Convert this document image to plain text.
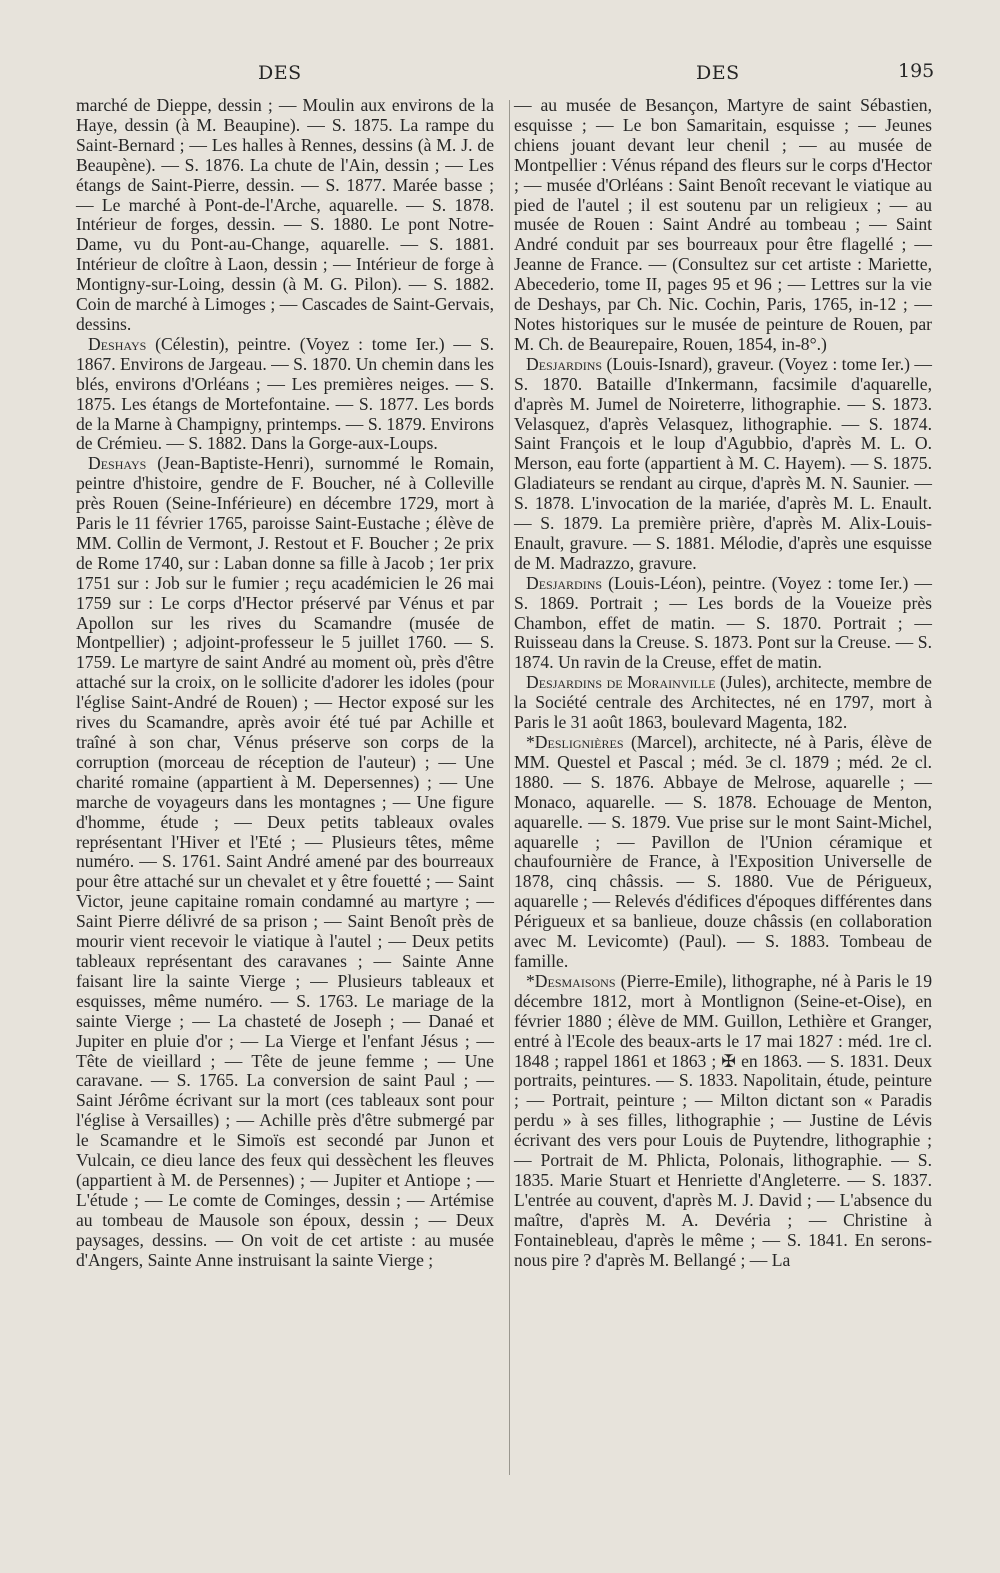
DES	DES	195

marché de Dieppe, dessin ; — Moulin aux environs de la Haye, dessin (à M. Beaupine). — S. 1875. La rampe du Saint-Bernard ; — Les halles à Rennes, dessins (à M. J. de Beaupène). — S. 1876. La chute de l'Ain, dessin ; — Les étangs de Saint-Pierre, dessin. — S. 1877. Marée basse ; — Le marché à Pont-de-l'Arche, aquarelle. — S. 1878. Intérieur de forges, dessin. — S. 1880. Le pont Notre-Dame, vu du Pont-au-Change, aquarelle. — S. 1881. Intérieur de cloître à Laon, dessin ; — Intérieur de forge à Montigny-sur-Loing, dessin (à M. G. Pilon). — S. 1882. Coin de marché à Limoges ; — Cascades de Saint-Gervais, dessins.

Deshays (Célestin), peintre. (Voyez : tome Ier.) — S. 1867. Environs de Jargeau. — S. 1870. Un chemin dans les blés, environs d'Orléans ; — Les premières neiges. — S. 1875. Les étangs de Mortefontaine. — S. 1877. Les bords de la Marne à Champigny, printemps. — S. 1879. Environs de Crémieu. — S. 1882. Dans la Gorge-aux-Loups.

Deshays (Jean-Baptiste-Henri), surnommé le Romain, peintre d'histoire, gendre de F. Boucher, né à Colleville près Rouen (Seine-Inférieure) en décembre 1729, mort à Paris le 11 février 1765, paroisse Saint-Eustache ; élève de MM. Collin de Vermont, J. Restout et F. Boucher ; 2e prix de Rome 1740, sur : Laban donne sa fille à Jacob ; 1er prix 1751 sur : Job sur le fumier ; reçu académicien le 26 mai 1759 sur : Le corps d'Hector préservé par Vénus et par Apollon sur les rives du Scamandre (musée de Montpellier) ; adjoint-professeur le 5 juillet 1760. — S. 1759. Le martyre de saint André au moment où, près d'être attaché sur la croix, on le sollicite d'adorer les idoles (pour l'église Saint-André de Rouen) ; — Hector exposé sur les rives du Scamandre, après avoir été tué par Achille et traîné à son char, Vénus préserve son corps de la corruption (morceau de réception de l'auteur) ; — Une charité romaine (appartient à M. Depersennes) ; — Une marche de voyageurs dans les montagnes ; — Une figure d'homme, étude ; — Deux petits tableaux ovales représentant l'Hiver et l'Eté ; — Plusieurs têtes, même numéro. — S. 1761. Saint André amené par des bourreaux pour être attaché sur un chevalet et y être fouetté ; — Saint Victor, jeune capitaine romain condamné au martyre ; — Saint Pierre délivré de sa prison ; — Saint Benoît près de mourir vient recevoir le viatique à l'autel ; — Deux petits tableaux représentant des caravanes ; — Sainte Anne faisant lire la sainte Vierge ; — Plusieurs tableaux et esquisses, même numéro. — S. 1763. Le mariage de la sainte Vierge ; — La chasteté de Joseph ; — Danaé et Jupiter en pluie d'or ; — La Vierge et l'enfant Jésus ; — Tête de vieillard ; — Tête de jeune femme ; — Une caravane. — S. 1765. La conversion de saint Paul ; — Saint Jérôme écrivant sur la mort (ces tableaux sont pour l'église à Versailles) ; — Achille près d'être submergé par le Scamandre et le Simoïs est secondé par Junon et Vulcain, ce dieu lance des feux qui dessèchent les fleuves (appartient à M. de Persennes) ; — Jupiter et Antiope ; — L'étude ; — Le comte de Cominges, dessin ; — Artémise au tombeau de Mausole son époux, dessin ; — Deux paysages, dessins. — On voit de cet artiste : au musée d'Angers, Sainte Anne instruisant la sainte Vierge ;

— au musée de Besançon, Martyre de saint Sébastien, esquisse ; — Le bon Samaritain, esquisse ; — Jeunes chiens jouant devant leur chenil ; — au musée de Montpellier : Vénus répand des fleurs sur le corps d'Hector ; — musée d'Orléans : Saint Benoît recevant le viatique au pied de l'autel ; il est soutenu par un religieux ; — au musée de Rouen : Saint André au tombeau ; — Saint André conduit par ses bourreaux pour être flagellé ; — Jeanne de France. — (Consultez sur cet artiste : Mariette, Abecederio, tome II, pages 95 et 96 ; — Lettres sur la vie de Deshays, par Ch. Nic. Cochin, Paris, 1765, in-12 ; — Notes historiques sur le musée de peinture de Rouen, par M. Ch. de Beaurepaire, Rouen, 1854, in-8°.)

Desjardins (Louis-Isnard), graveur. (Voyez : tome Ier.) — S. 1870. Bataille d'Inkermann, facsimile d'aquarelle, d'après M. Jumel de Noireterre, lithographie. — S. 1873. Velasquez, d'après Velasquez, lithographie. — S. 1874. Saint François et le loup d'Agubbio, d'après M. L. O. Merson, eau forte (appartient à M. C. Hayem). — S. 1875. Gladiateurs se rendant au cirque, d'après M. N. Saunier. — S. 1878. L'invocation de la mariée, d'après M. L. Enault. — S. 1879. La première prière, d'après M. Alix-Louis-Enault, gravure. — S. 1881. Mélodie, d'après une esquisse de M. Madrazzo, gravure.

Desjardins (Louis-Léon), peintre. (Voyez : tome Ier.) — S. 1869. Portrait ; — Les bords de la Voueize près Chambon, effet de matin. — S. 1870. Portrait ; — Ruisseau dans la Creuse. S. 1873. Pont sur la Creuse. — S. 1874. Un ravin de la Creuse, effet de matin.

Desjardins de Morainville (Jules), architecte, membre de la Société centrale des Architectes, né en 1797, mort à Paris le 31 août 1863, boulevard Magenta, 182.

*Deslignières (Marcel), architecte, né à Paris, élève de MM. Questel et Pascal ; méd. 3e cl. 1879 ; méd. 2e cl. 1880. — S. 1876. Abbaye de Melrose, aquarelle ; — Monaco, aquarelle. — S. 1878. Echouage de Menton, aquarelle. — S. 1879. Vue prise sur le mont Saint-Michel, aquarelle ; — Pavillon de l'Union céramique et chaufournière de France, à l'Exposition Universelle de 1878, cinq châssis. — S. 1880. Vue de Périgueux, aquarelle ; — Relevés d'édifices d'époques différentes dans Périgueux et sa banlieue, douze châssis (en collaboration avec M. Levicomte) (Paul). — S. 1883. Tombeau de famille.

*Desmaisons (Pierre-Emile), lithographe, né à Paris le 19 décembre 1812, mort à Montlignon (Seine-et-Oise), en février 1880 ; élève de MM. Guillon, Lethière et Granger, entré à l'Ecole des beaux-arts le 17 mai 1827 : méd. 1re cl. 1848 ; rappel 1861 et 1863 ; ✠ en 1863. — S. 1831. Deux portraits, peintures. — S. 1833. Napolitain, étude, peinture ; — Portrait, peinture ; — Milton dictant son « Paradis perdu » à ses filles, lithographie ; — Justine de Lévis écrivant des vers pour Louis de Puytendre, lithographie ; — Portrait de M. Phlicta, Polonais, lithographie. — S. 1835. Marie Stuart et Henriette d'Angleterre. — S. 1837. L'entrée au couvent, d'après M. J. David ; — L'absence du maître, d'après M. A. Devéria ; — Christine à Fontainebleau, d'après le même ; — S. 1841. En serons-nous pire ? d'après M. Bellangé ; — La
